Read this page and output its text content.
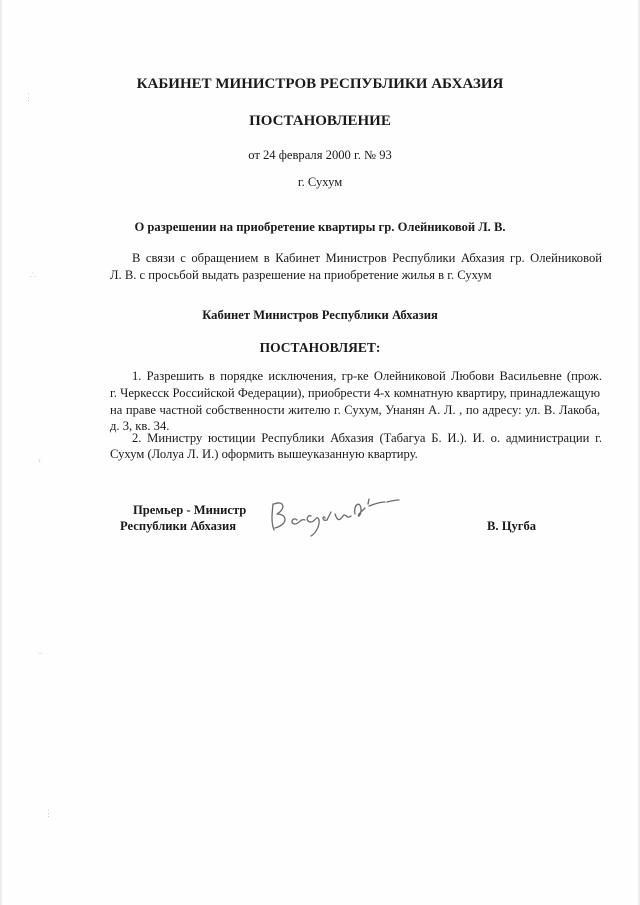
⋮
∴
‹
−
⋮
КАБИНЕТ МИНИСТРОВ РЕСПУБЛИКИ АБХАЗИЯ
ПОСТАНОВЛЕНИЕ
от 24 февраля 2000 г. № 93
г. Сухум
О разрешении на приобретение квартиры гр. Олейниковой Л. В.
В связи с обращением в Кабинет Министров Республики Абхазия гр. Олейниковой
Л. В. с просьбой выдать разрешение на приобретение жилья в г. Сухум
Кабинет Министров Республики Абхазия
ПОСТАНОВЛЯЕТ:
1. Разрешить в порядке исключения, гр-ке Олейниковой Любови Васильевне (прож.
г. Черкесск Российской Федерации), приобрести 4-х комнатную квартиру, принадлежащую
на праве частной собственности жителю г. Сухум, Унанян А. Л. , по адресу: ул. В. Лакоба,
д. 3, кв. 34.
2. Министру юстиции Республики Абхазия (Табагуа Б. И.). И. о. администрации г.
Сухум (Лолуа Л. И.) оформить вышеуказанную квартиру.
Премьер - Министр
Республики Абхазия	В. Цугба
